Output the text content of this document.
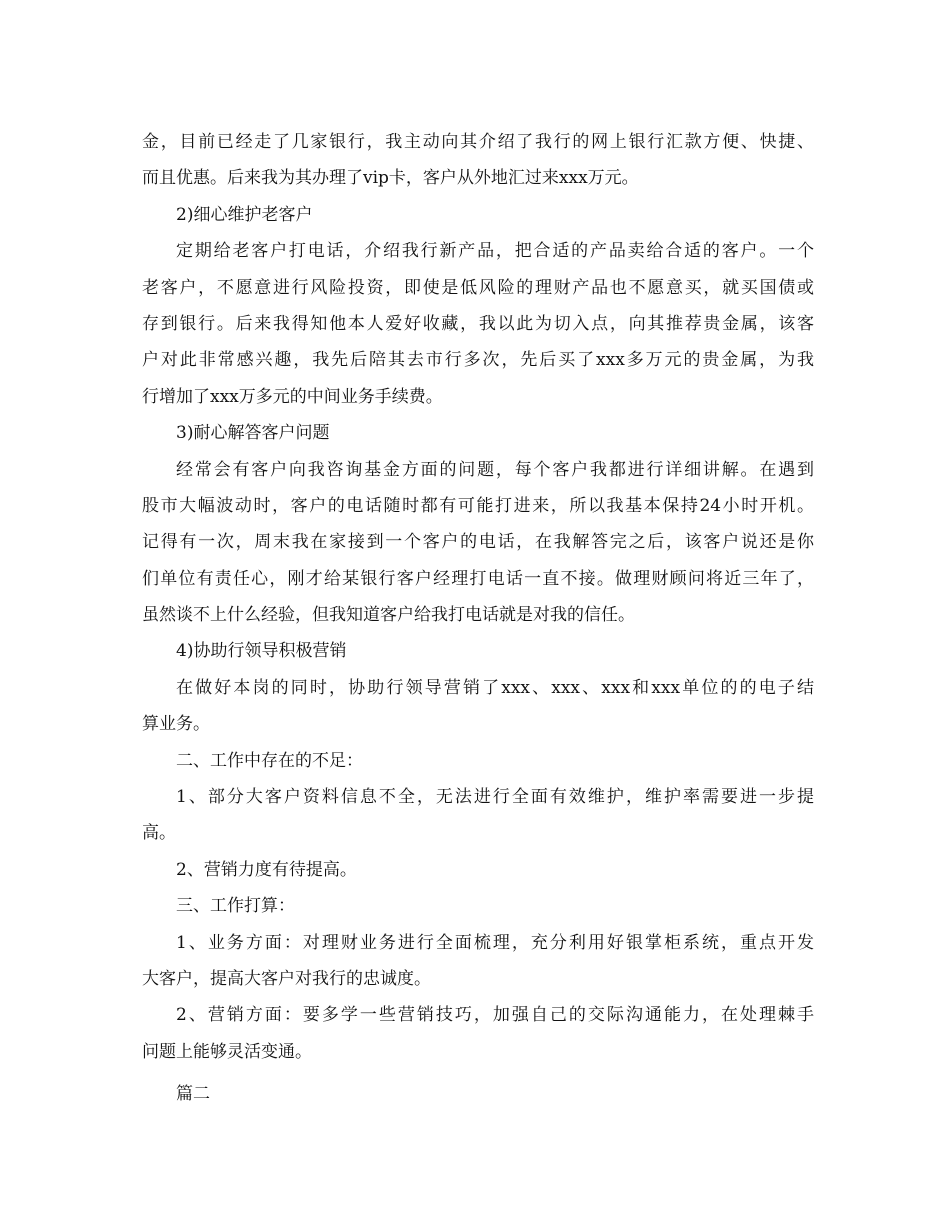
金，目前已经走了几家银行，我主动向其介绍了我行的网上银行汇款方便、快捷、
而且优惠。后来我为其办理了vip卡，客户从外地汇过来xxx万元。
2)细心维护老客户
定期给老客户打电话，介绍我行新产品，把合适的产品卖给合适的客户。一个
老客户，不愿意进行风险投资，即使是低风险的理财产品也不愿意买，就买国债或
存到银行。后来我得知他本人爱好收藏，我以此为切入点，向其推荐贵金属，该客
户对此非常感兴趣，我先后陪其去市行多次，先后买了xxx多万元的贵金属，为我
行增加了xxx万多元的中间业务手续费。
3)耐心解答客户问题
经常会有客户向我咨询基金方面的问题，每个客户我都进行详细讲解。在遇到
股市大幅波动时，客户的电话随时都有可能打进来，所以我基本保持24小时开机。
记得有一次，周末我在家接到一个客户的电话，在我解答完之后，该客户说还是你
们单位有责任心，刚才给某银行客户经理打电话一直不接。做理财顾问将近三年了，
虽然谈不上什么经验，但我知道客户给我打电话就是对我的信任。
4)协助行领导积极营销
在做好本岗的同时，协助行领导营销了xxx、xxx、xxx和xxx单位的的电子结
算业务。
二、工作中存在的不足：
1、部分大客户资料信息不全，无法进行全面有效维护，维护率需要进一步提
高。
2、营销力度有待提高。
三、工作打算：
1、业务方面：对理财业务进行全面梳理，充分利用好银掌柜系统，重点开发
大客户，提高大客户对我行的忠诚度。
2、营销方面：要多学一些营销技巧，加强自己的交际沟通能力，在处理棘手
问题上能够灵活变通。
篇二
